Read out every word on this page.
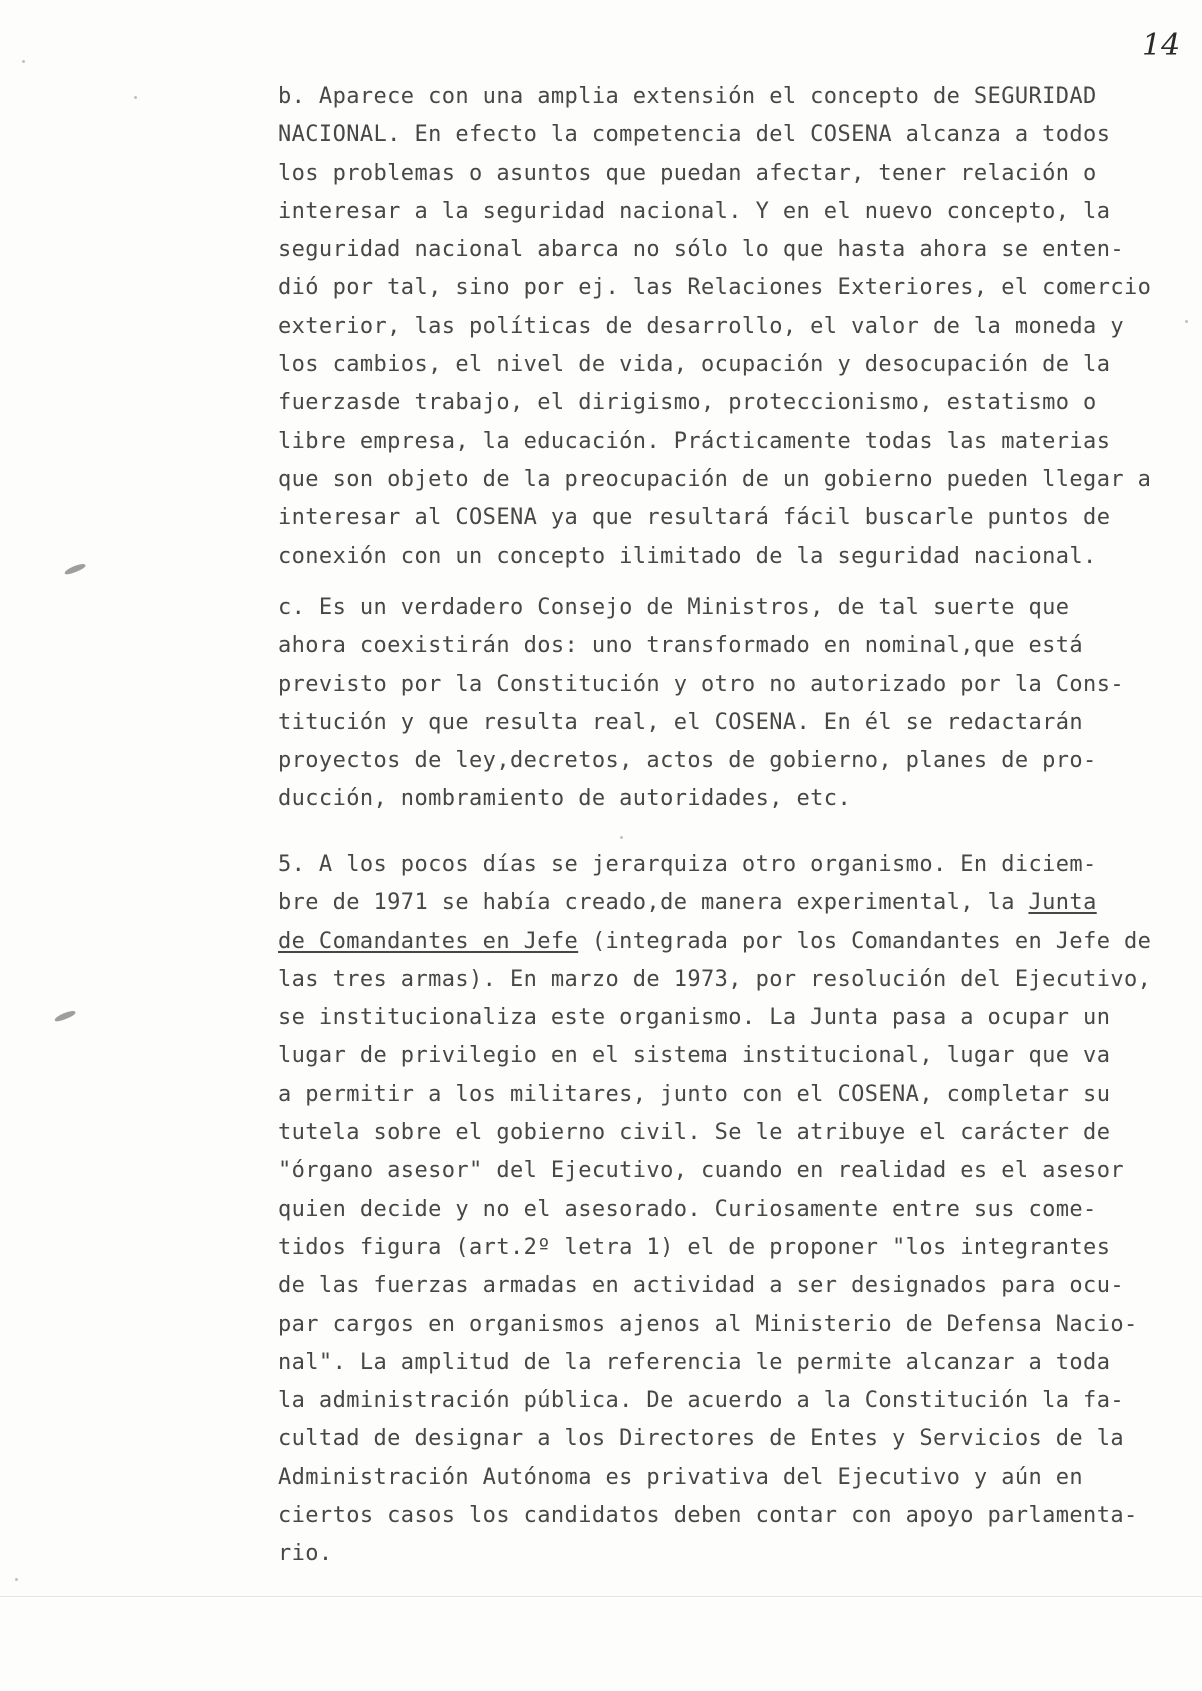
14
b. Aparece con una amplia extensión el concepto de SEGURIDAD
NACIONAL. En efecto la competencia del COSENA alcanza a todos
los problemas o asuntos que puedan afectar, tener relación o
interesar a la seguridad nacional. Y en el nuevo concepto, la
seguridad nacional abarca no sólo lo que hasta ahora se enten-
dió por tal, sino por ej. las Relaciones Exteriores, el comercio
exterior, las políticas de desarrollo, el valor de la moneda y
los cambios, el nivel de vida, ocupación y desocupación de la
fuerzasde trabajo, el dirigismo, proteccionismo, estatismo o
libre empresa, la educación. Prácticamente todas las materias
que son objeto de la preocupación de un gobierno pueden llegar a
interesar al COSENA ya que resultará fácil buscarle puntos de
conexión con un concepto ilimitado de la seguridad nacional.
c. Es un verdadero Consejo de Ministros, de tal suerte que
ahora coexistirán dos: uno transformado en nominal,que está
previsto por la Constitución y otro no autorizado por la Cons-
titución y que resulta real, el COSENA. En él se redactarán
proyectos de ley,decretos, actos de gobierno, planes de pro-
ducción, nombramiento de autoridades, etc.
5. A los pocos días se jerarquiza otro organismo. En diciem-
bre de 1971 se había creado,de manera experimental, la Junta
de Comandantes en Jefe (integrada por los Comandantes en Jefe de
las tres armas). En marzo de 1973, por resolución del Ejecutivo,
se institucionaliza este organismo. La Junta pasa a ocupar un
lugar de privilegio en el sistema institucional, lugar que va
a permitir a los militares, junto con el COSENA, completar su
tutela sobre el gobierno civil. Se le atribuye el carácter de
"órgano asesor" del Ejecutivo, cuando en realidad es el asesor
quien decide y no el asesorado. Curiosamente entre sus come-
tidos figura (art.2º letra 1) el de proponer "los integrantes
de las fuerzas armadas en actividad a ser designados para ocu-
par cargos en organismos ajenos al Ministerio de Defensa Nacio-
nal". La amplitud de la referencia le permite alcanzar a toda
la administración pública. De acuerdo a la Constitución la fa-
cultad de designar a los Directores de Entes y Servicios de la
Administración Autónoma es privativa del Ejecutivo y aún en
ciertos casos los candidatos deben contar con apoyo parlamenta-
rio.
